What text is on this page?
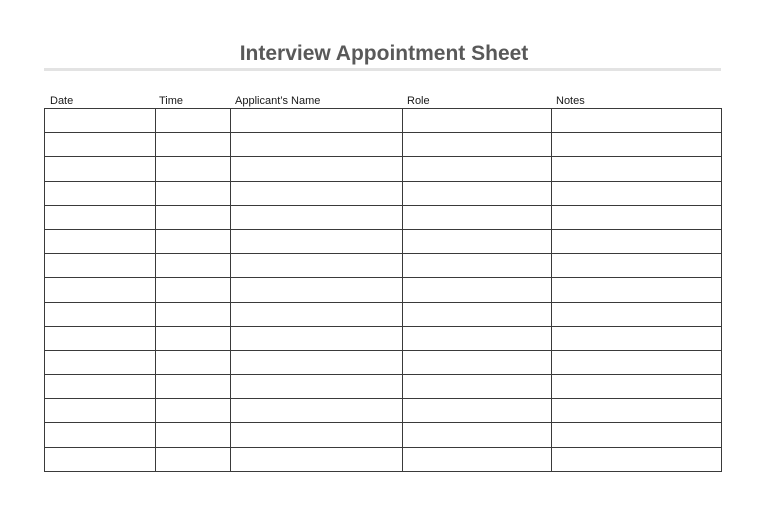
Interview Appointment Sheet
Date	Time	Applicant’s Name	Role	Notes
